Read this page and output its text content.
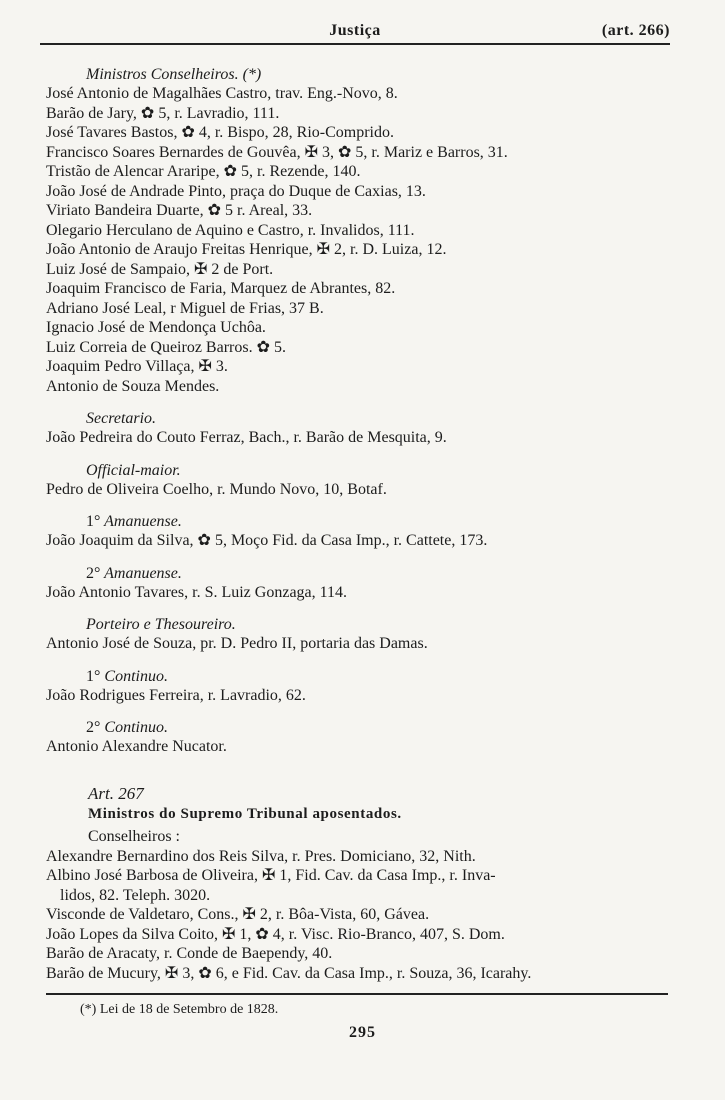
Justiça	(art. 266)
Ministros Conselheiros. (*)
José Antonio de Magalhães Castro, trav. Eng.-Novo, 8.
Barão de Jary, ✿ 5, r. Lavradio, 111.
José Tavares Bastos, ✿ 4, r. Bispo, 28, Rio-Comprido.
Francisco Soares Bernardes de Gouvêa, ✠ 3, ✿ 5, r. Mariz e Barros, 31.
Tristão de Alencar Araripe, ✿ 5, r. Rezende, 140.
João José de Andrade Pinto, praça do Duque de Caxias, 13.
Viriato Bandeira Duarte, ✿ 5 r. Areal, 33.
Olegario Herculano de Aquino e Castro, r. Invalidos, 111.
João Antonio de Araujo Freitas Henrique, ✠ 2, r. D. Luiza, 12.
Luiz José de Sampaio, ✠ 2 de Port.
Joaquim Francisco de Faria, Marquez de Abrantes, 82.
Adriano José Leal, r Miguel de Frias, 37 B.
Ignacio José de Mendonça Uchôa.
Luiz Correia de Queiroz Barros. ✿ 5.
Joaquim Pedro Villaça, ✠ 3.
Antonio de Souza Mendes.
Secretario.
João Pedreira do Couto Ferraz, Bach., r. Barão de Mesquita, 9.
Official-maior.
Pedro de Oliveira Coelho, r. Mundo Novo, 10, Botaf.
1° Amanuense.
João Joaquim da Silva, ✿ 5, Moço Fid. da Casa Imp., r. Cattete, 173.
2° Amanuense.
João Antonio Tavares, r. S. Luiz Gonzaga, 114.
Porteiro e Thesoureiro.
Antonio José de Souza, pr. D. Pedro II, portaria das Damas.
1° Continuo.
João Rodrigues Ferreira, r. Lavradio, 62.
2° Continuo.
Antonio Alexandre Nucator.
Art. 267
Ministros do Supremo Tribunal aposentados.
Conselheiros :
Alexandre Bernardino dos Reis Silva, r. Pres. Domiciano, 32, Nith.
Albino José Barbosa de Oliveira, ✠ 1, Fid. Cav. da Casa Imp., r. Inva-
lidos, 82. Teleph. 3020.
Visconde de Valdetaro, Cons., ✠ 2, r. Bôa-Vista, 60, Gávea.
João Lopes da Silva Coito, ✠ 1, ✿ 4, r. Visc. Rio-Branco, 407, S. Dom.
Barão de Aracaty, r. Conde de Baependy, 40.
Barão de Mucury, ✠ 3, ✿ 6, e Fid. Cav. da Casa Imp., r. Souza, 36, Icarahy.
(*) Lei de 18 de Setembro de 1828.
295
